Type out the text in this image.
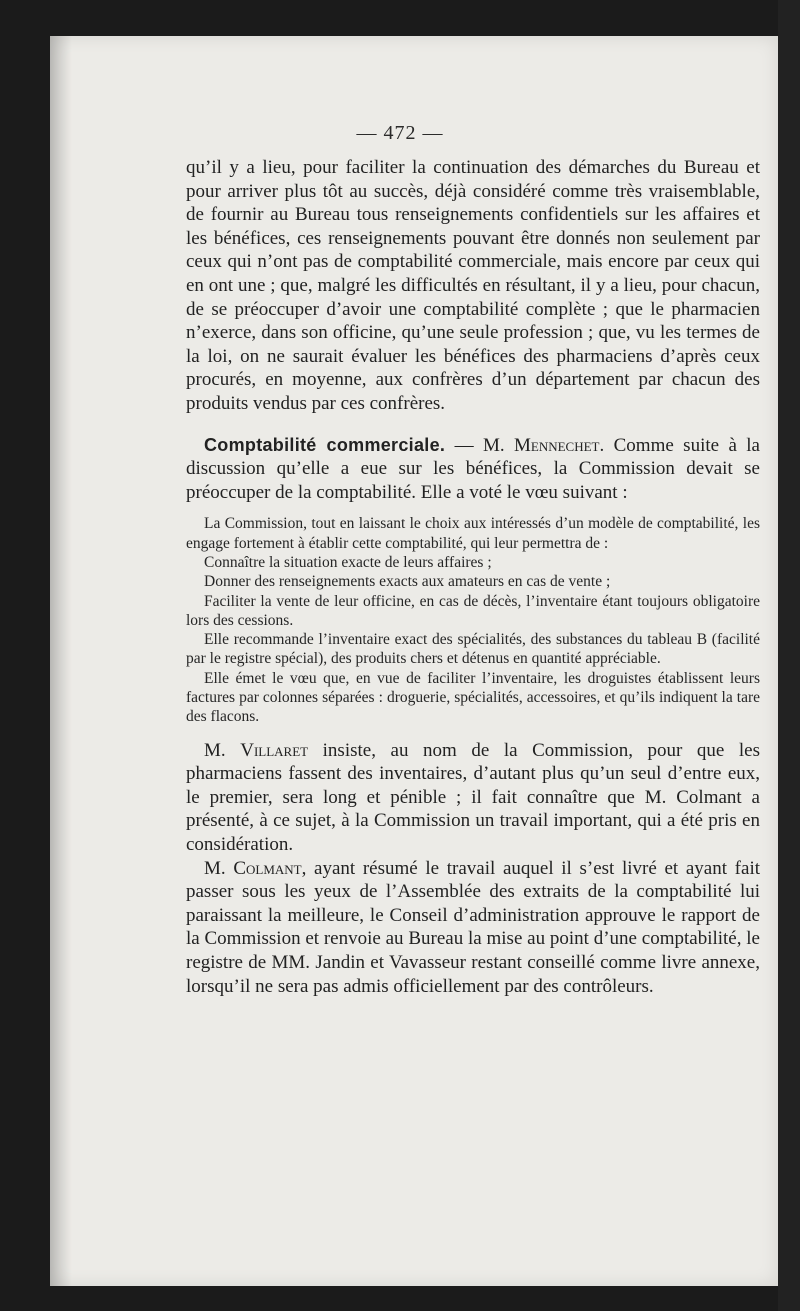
— 472 —

qu’il y a lieu, pour faciliter la continuation des démarches du Bureau et pour arriver plus tôt au succès, déjà considéré comme très vraisemblable, de fournir au Bureau tous renseignements confidentiels sur les affaires et les bénéfices, ces renseignements pouvant être donnés non seulement par ceux qui n’ont pas de comptabilité commerciale, mais encore par ceux qui en ont une ; que, malgré les difficultés en résultant, il y a lieu, pour chacun, de se préoccuper d’avoir une comptabilité complète ; que le pharmacien n’exerce, dans son officine, qu’une seule profession ; que, vu les termes de la loi, on ne saurait évaluer les bénéfices des pharmaciens d’après ceux procurés, en moyenne, aux confrères d’un département par chacun des produits vendus par ces confrères.

Comptabilité commerciale. — M. Mennechet. Comme suite à la discussion qu’elle a eue sur les bénéfices, la Commission devait se préoccuper de la comptabilité. Elle a voté le vœu suivant :

La Commission, tout en laissant le choix aux intéressés d’un modèle de comptabilité, les engage fortement à établir cette comptabilité, qui leur permettra de :

Connaître la situation exacte de leurs affaires ;

Donner des renseignements exacts aux amateurs en cas de vente ;

Faciliter la vente de leur officine, en cas de décès, l’inventaire étant toujours obligatoire lors des cessions.

Elle recommande l’inventaire exact des spécialités, des substances du tableau B (facilité par le registre spécial), des produits chers et détenus en quantité appréciable.

Elle émet le vœu que, en vue de faciliter l’inventaire, les droguistes établissent leurs factures par colonnes séparées : droguerie, spécialités, accessoires, et qu’ils indiquent la tare des flacons.

M. Villaret insiste, au nom de la Commission, pour que les pharmaciens fassent des inventaires, d’autant plus qu’un seul d’entre eux, le premier, sera long et pénible ; il fait connaître que M. Colmant a présenté, à ce sujet, à la Commission un travail important, qui a été pris en considération.

M. Colmant, ayant résumé le travail auquel il s’est livré et ayant fait passer sous les yeux de l’Assemblée des extraits de la comptabilité lui paraissant la meilleure, le Conseil d’administration approuve le rapport de la Commission et renvoie au Bureau la mise au point d’une comptabilité, le registre de MM. Jandin et Vavasseur restant conseillé comme livre annexe, lorsqu’il ne sera pas admis officiellement par des contrôleurs.
